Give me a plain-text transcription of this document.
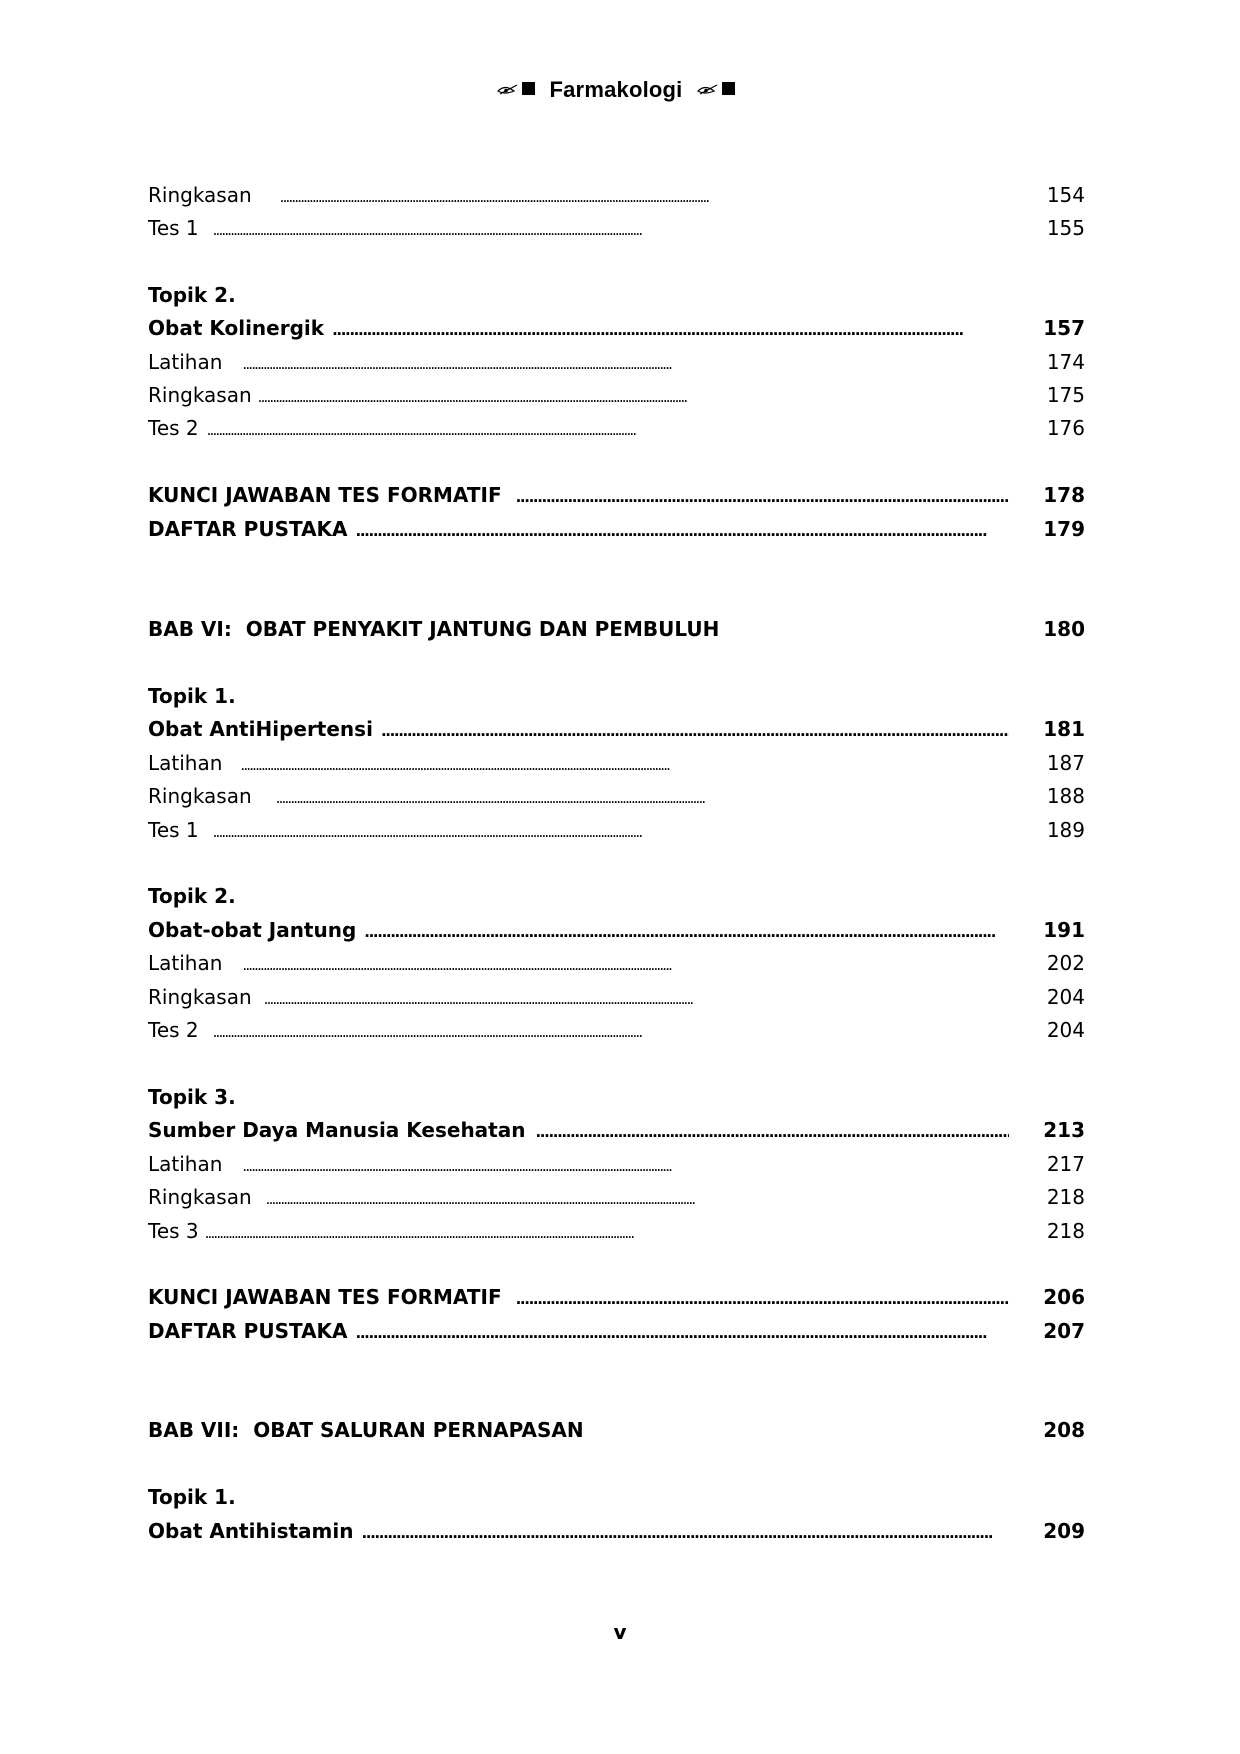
Farmakologi
Ringkasan . . .	154
Tes 1 . . .	155
Topik 2.
Obat Kolinergik . . .	157
Latihan . . .	174
Ringkasan . . .	175
Tes 2 . . .	176
KUNCI JAWABAN TES FORMATIF . . .	178
DAFTAR PUSTAKA . . .	179
BAB VI:  OBAT PENYAKIT JANTUNG DAN PEMBULUH	180
Topik 1.
Obat AntiHipertensi . . .	181
Latihan . . .	187
Ringkasan . . .	188
Tes 1 . . .	189
Topik 2.
Obat-obat Jantung . . .	191
Latihan . . .	202
Ringkasan . . .	204
Tes 2 . . .	204
Topik 3.
Sumber Daya Manusia Kesehatan . . .	213
Latihan . . .	217
Ringkasan . . .	218
Tes 3 . . .	218
KUNCI JAWABAN TES FORMATIF . . .	206
DAFTAR PUSTAKA . . .	207
BAB VII:  OBAT SALURAN PERNAPASAN	208
Topik 1.
Obat Antihistamin . . .	209
v
